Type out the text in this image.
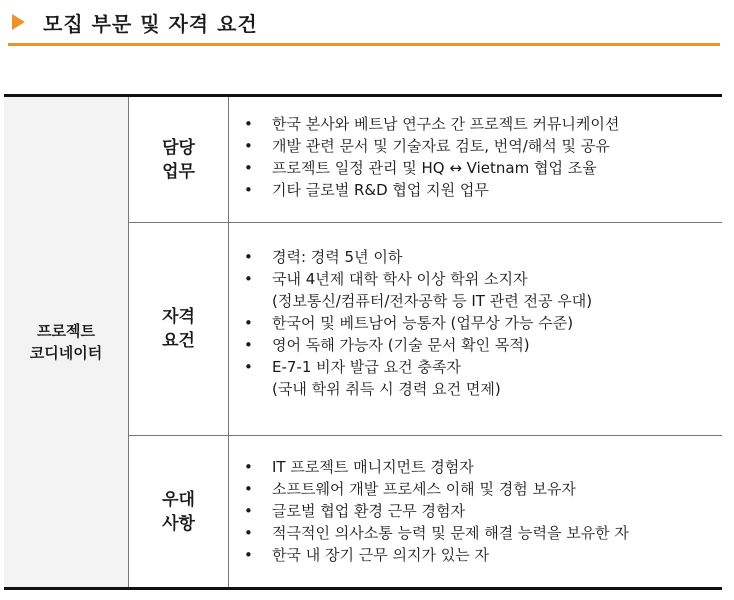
모집 부문 및 자격 요건
프로젝트
코디네이터
담당
업무
• 한국 본사와 베트남 연구소 간 프로젝트 커뮤니케이션
• 개발 관련 문서 및 기술자료 검토, 번역/해석 및 공유
• 프로젝트 일정 관리 및 HQ ↔ Vietnam 협업 조율
• 기타 글로벌 R&D 협업 지원 업무
자격
요건
• 경력: 경력 5년 이하
• 국내 4년제 대학 학사 이상 학위 소지자
(정보통신/컴퓨터/전자공학 등 IT 관련 전공 우대)
• 한국어 및 베트남어 능통자 (업무상 가능 수준)
• 영어 독해 가능자 (기술 문서 확인 목적)
• E-7-1 비자 발급 요건 충족자
(국내 학위 취득 시 경력 요건 면제)
우대
사항
• IT 프로젝트 매니지먼트 경험자
• 소프트웨어 개발 프로세스 이해 및 경험 보유자
• 글로벌 협업 환경 근무 경험자
• 적극적인 의사소통 능력 및 문제 해결 능력을 보유한 자
• 한국 내 장기 근무 의지가 있는 자
